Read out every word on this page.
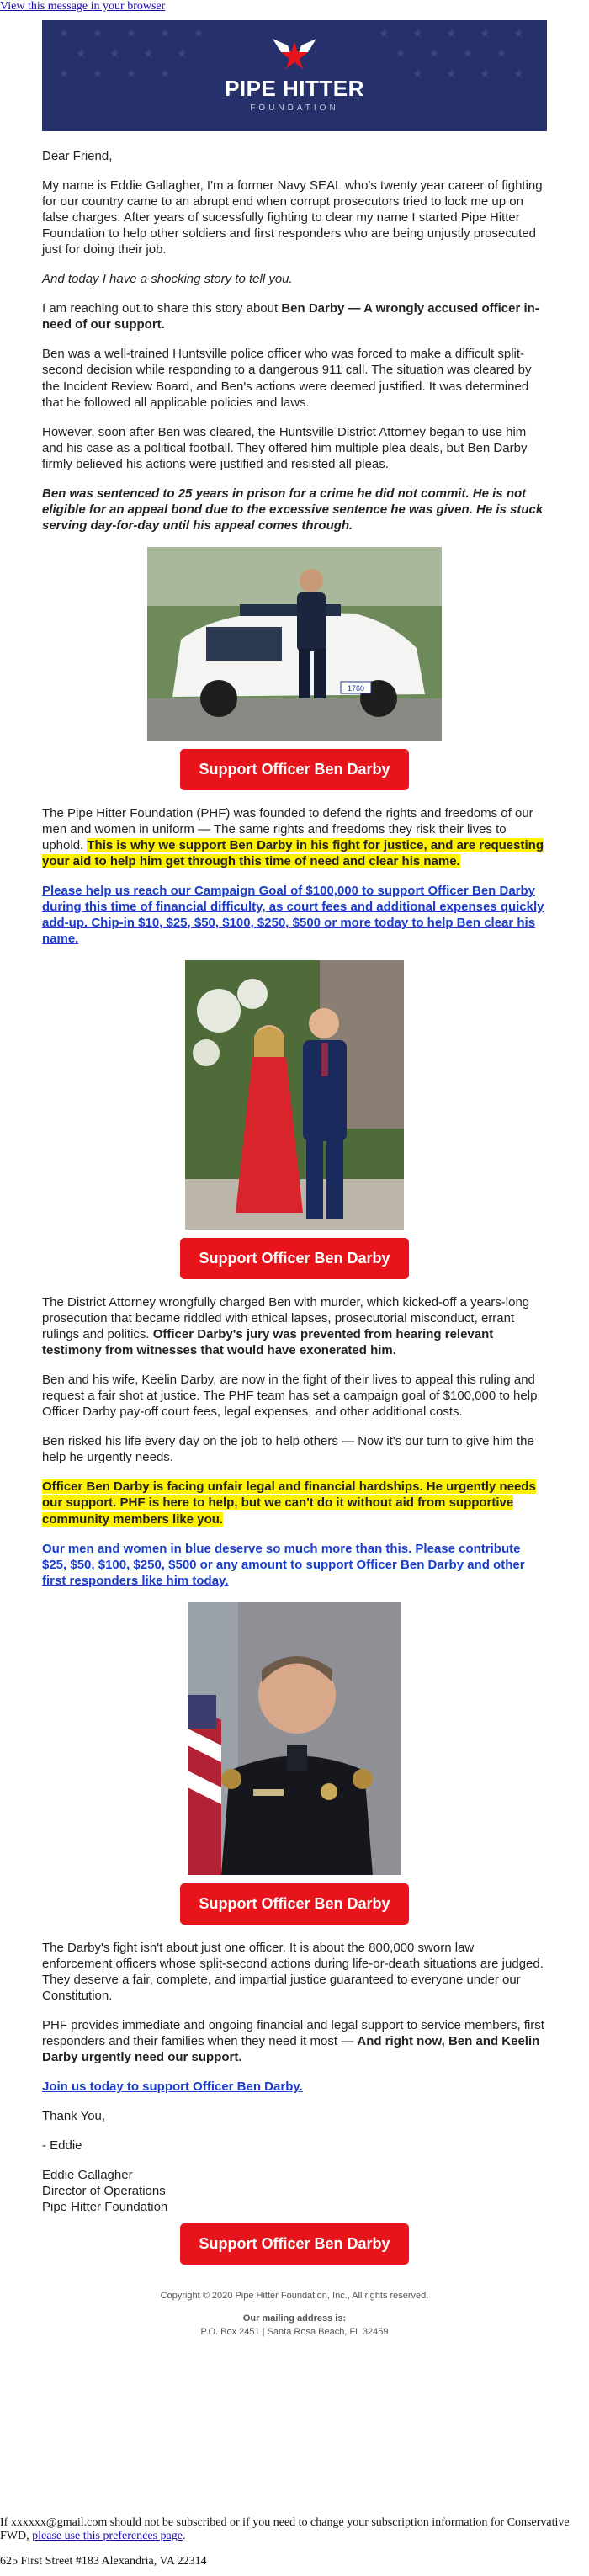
View this message in your browser
★ ★ ★ ★ ★	★ ★ ★ ★ ★
★ ★ ★ ★	★ ★ ★ ★
★ ★ ★ ★	★ ★ ★ ★
PIPE HITTER
FOUNDATION

Dear Friend,

My name is Eddie Gallagher, I'm a former Navy SEAL who's twenty year career of fighting for our country came to an abrupt end when corrupt prosecutors tried to lock me up on false charges. After years of sucessfully fighting to clear my name I started Pipe Hitter Foundation to help other soldiers and first responders who are being unjustly prosecuted just for doing their job.

And today I have a shocking story to tell you.

I am reaching out to share this story about Ben Darby — A wrongly accused officer in-need of our support.

Ben was a well-trained Huntsville police officer who was forced to make a difficult split-second decision while responding to a dangerous 911 call. The situation was cleared by the Incident Review Board, and Ben's actions were deemed justified. It was determined that he followed all applicable policies and laws.

However, soon after Ben was cleared, the Huntsville District Attorney began to use him and his case as a political football. They offered him multiple plea deals, but Ben Darby firmly believed his actions were justified and resisted all pleas.

Ben was sentenced to 25 years in prison for a crime he did not commit. He is not eligible for an appeal bond due to the excessive sentence he was given. He is stuck serving day-for-day until his appeal comes through.

1760
Support Officer Ben Darby

The Pipe Hitter Foundation (PHF) was founded to defend the rights and freedoms of our men and women in uniform — The same rights and freedoms they risk their lives to uphold. This is why we support Ben Darby in his fight for justice, and are requesting your aid to help him get through this time of need and clear his name.

Please help us reach our Campaign Goal of $100,000 to support Officer Ben Darby during this time of financial difficulty, as court fees and additional expenses quickly add-up. Chip-in $10, $25, $50, $100, $250, $500 or more today to help Ben clear his name.

Support Officer Ben Darby

The District Attorney wrongfully charged Ben with murder, which kicked-off a years-long prosecution that became riddled with ethical lapses, prosecutorial misconduct, errant rulings and politics. Officer Darby's jury was prevented from hearing relevant testimony from witnesses that would have exonerated him.

Ben and his wife, Keelin Darby, are now in the fight of their lives to appeal this ruling and request a fair shot at justice. The PHF team has set a campaign goal of $100,000 to help Officer Darby pay-off court fees, legal expenses, and other additional costs.

Ben risked his life every day on the job to help others — Now it's our turn to give him the help he urgently needs.

Officer Ben Darby is facing unfair legal and financial hardships. He urgently needs our support. PHF is here to help, but we can't do it without aid from supportive community members like you.

Our men and women in blue deserve so much more than this. Please contribute $25, $50, $100, $250, $500 or any amount to support Officer Ben Darby and other first responders like him today.

Support Officer Ben Darby

The Darby's fight isn't about just one officer. It is about the 800,000 sworn law enforcement officers whose split-second actions during life-or-death situations are judged. They deserve a fair, complete, and impartial justice guaranteed to everyone under our Constitution.

PHF provides immediate and ongoing financial and legal support to service members, first responders and their families when they need it most — And right now, Ben and Keelin Darby urgently need our support.

Join us today to support Officer Ben Darby.

Thank You,

- Eddie

Eddie Gallagher
Director of Operations
Pipe Hitter Foundation

Support Officer Ben Darby
Copyright © 2020 Pipe Hitter Foundation, Inc., All rights reserved.
Our mailing address is:
P.O. Box 2451 | Santa Rosa Beach, FL 32459
If xxxxxx@gmail.com should not be subscribed or if you need to change your subscription information for Conservative FWD, please use this preferences page.
625 First Street #183 Alexandria, VA 22314
